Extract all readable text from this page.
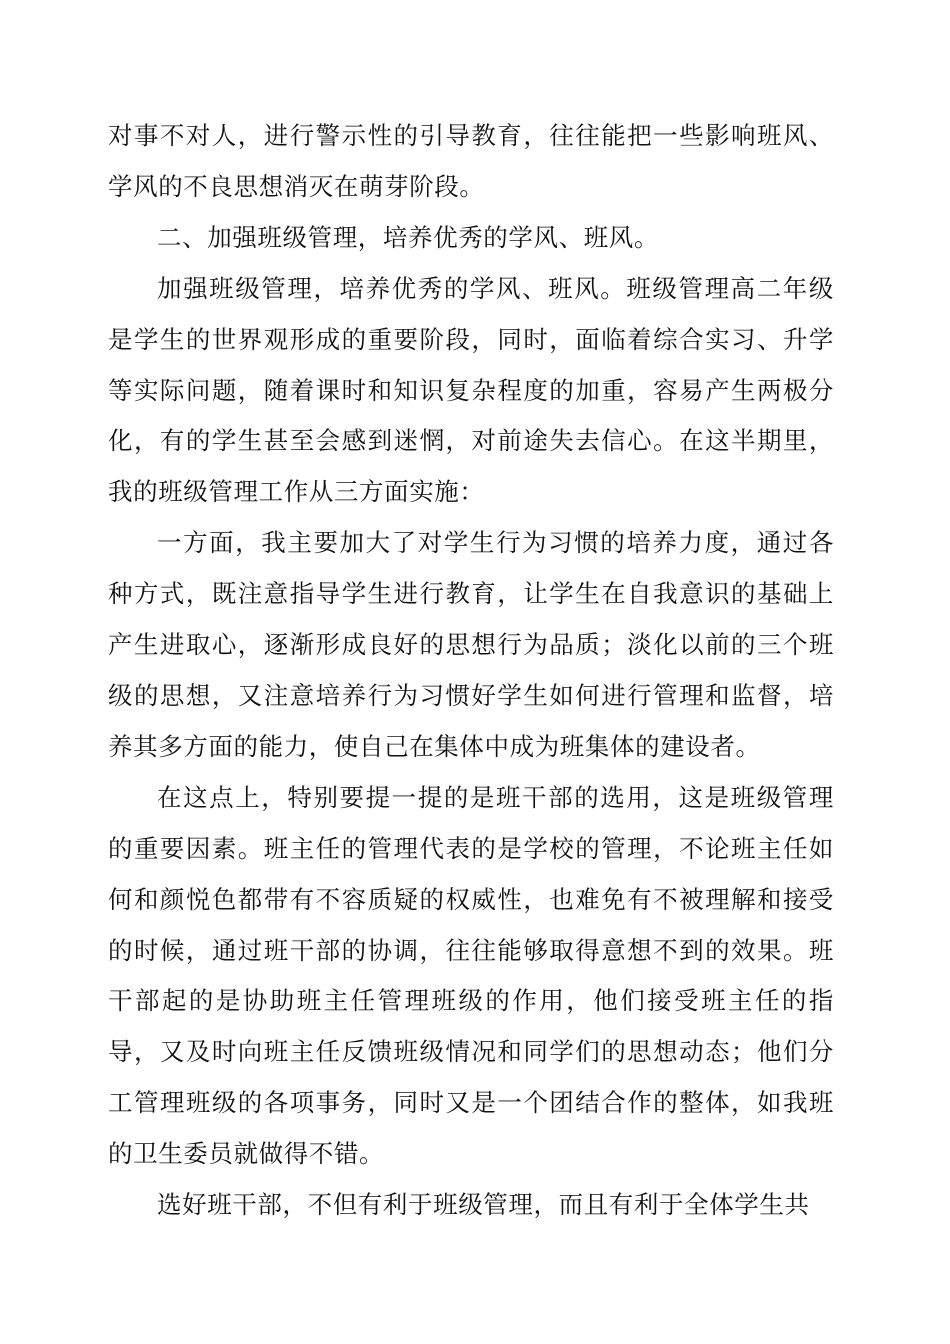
对事不对人，进行警示性的引导教育，往往能把一些影响班风、学风的不良思想消灭在萌芽阶段。

二、加强班级管理，培养优秀的学风、班风。

加强班级管理，培养优秀的学风、班风。班级管理高二年级是学生的世界观形成的重要阶段，同时，面临着综合实习、升学等实际问题，随着课时和知识复杂程度的加重，容易产生两极分化，有的学生甚至会感到迷惘，对前途失去信心。在这半期里，我的班级管理工作从三方面实施：

一方面，我主要加大了对学生行为习惯的培养力度，通过各种方式，既注意指导学生进行教育，让学生在自我意识的基础上产生进取心，逐渐形成良好的思想行为品质；淡化以前的三个班级的思想，又注意培养行为习惯好学生如何进行管理和监督，培养其多方面的能力，使自己在集体中成为班集体的建设者。

在这点上，特别要提一提的是班干部的选用，这是班级管理的重要因素。班主任的管理代表的是学校的管理，不论班主任如何和颜悦色都带有不容质疑的权威性，也难免有不被理解和接受的时候，通过班干部的协调，往往能够取得意想不到的效果。班干部起的是协助班主任管理班级的作用，他们接受班主任的指导，又及时向班主任反馈班级情况和同学们的思想动态；他们分工管理班级的各项事务，同时又是一个团结合作的整体，如我班的卫生委员就做得不错。

选好班干部，不但有利于班级管理，而且有利于全体学生共
